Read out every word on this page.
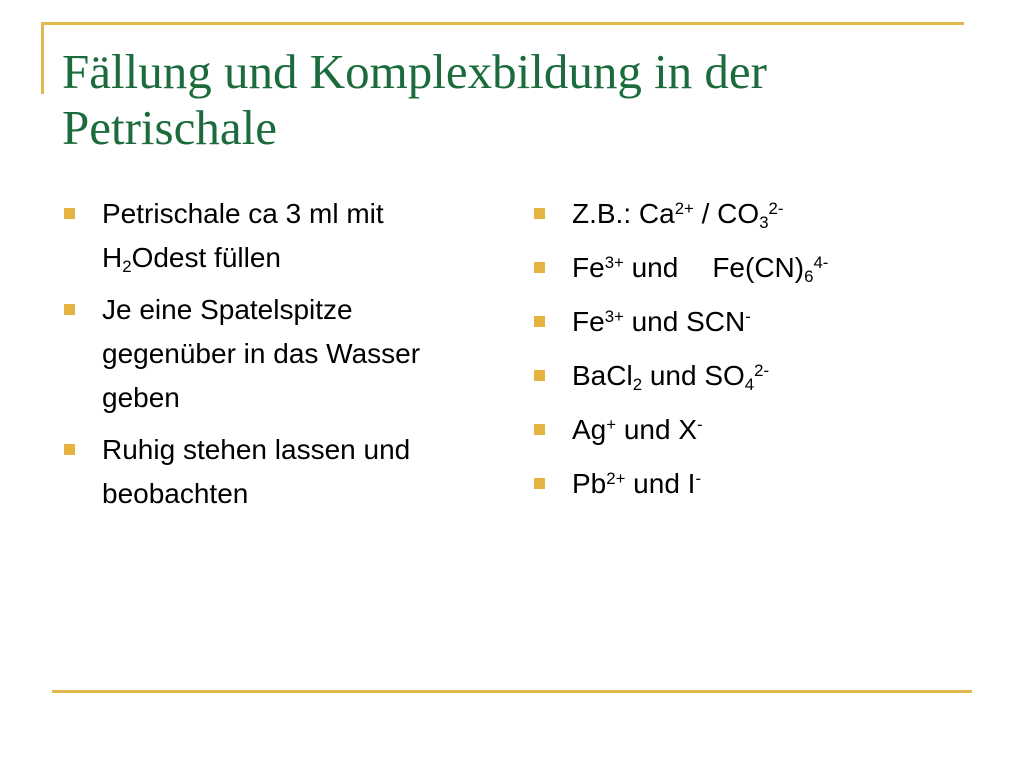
Fällung und Komplexbildung in der
Petrischale
Petrischale ca 3 ml mit $H_2Odest$ füllen
Je eine Spatelspitze gegenüber in das Wasser geben
Ruhig stehen lassen und beobachten
Z.B.: $Ca^{2+} / CO_3^{2-}$
$Fe^{3+}$ und $Fe(CN)_6^{4-}$
$Fe^{3+}$ und SCN-
BaCl$_2$ und $SO_4^{2-}$
Ag+ und X-
$Pb^{2+}$ und I-
